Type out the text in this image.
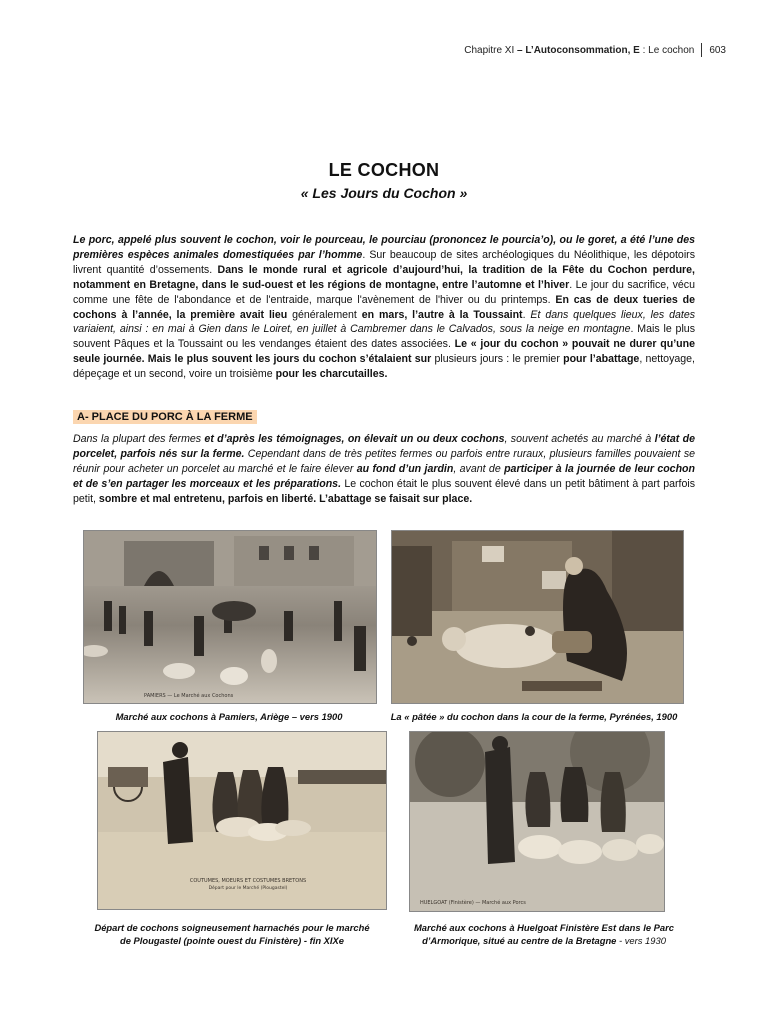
Chapitre XI – L’Autoconsommation, E : Le cochon 603
LE COCHON
« Les Jours du Cochon »
Le porc, appelé plus souvent le cochon, voir le pourceau, le pourciau (prononcez le pourcia’o), ou le goret, a été l’une des premières espèces animales domestiquées par l’homme. Sur beaucoup de sites archéologiques du Néolithique, les dépotoirs livrent quantité d’ossements. Dans le monde rural et agricole d’aujourd’hui, la tradition de la Fête du Cochon perdure, notamment en Bretagne, dans le sud-ouest et les régions de montagne, entre l’automne et l’hiver. Le jour du sacrifice, vécu comme une fête de l'abondance et de l'entraide, marque l'avènement de l'hiver ou du printemps. En cas de deux tueries de cochons à l’année, la première avait lieu généralement en mars, l’autre à la Toussaint. Et dans quelques lieux, les dates variaient, ainsi : en mai à Gien dans le Loiret, en juillet à Cambremer dans le Calvados, sous la neige en montagne. Mais le plus souvent Pâques et la Toussaint ou les vendanges étaient des dates associées. Le « jour du cochon » pouvait ne durer qu’une seule journée. Mais le plus souvent les jours du cochon s’étalaient sur plusieurs jours : le premier pour l’abattage, nettoyage, dépeçage et un second, voire un troisième pour les charcutailles.
A- PLACE DU PORC À LA FERME
Dans la plupart des fermes et d’après les témoignages, on élevait un ou deux cochons, souvent achetés au marché à l’état de porcelet, parfois nés sur la ferme. Cependant dans de très petites fermes ou parfois entre ruraux, plusieurs familles pouvaient se réunir pour acheter un porcelet au marché et le faire élever au fond d’un jardin, avant de participer à la journée de leur cochon et de s’en partager les morceaux et les préparations. Le cochon était le plus souvent élevé dans un petit bâtiment à part parfois petit, sombre et mal entretenu, parfois en liberté. L’abattage se faisait sur place.
PAMIERS — Le Marché aux Cochons
Marché aux cochons à Pamiers, Ariège – vers 1900	La « pâtée » du cochon dans la cour de la ferme, Pyrénées, 1900
COUTUMES, MOEURS ET COSTUMES BRETONS
Départ pour le Marché (Plougastel)
HUELGOAT (Finistère) — Marché aux Porcs
Départ de cochons soigneusement harnachés pour le marché
de Plougastel (pointe ouest du Finistère) - fin XIXe
Marché aux cochons à Huelgoat Finistère Est dans le Parc
d’Armorique, situé au centre de la Bretagne - vers 1930
